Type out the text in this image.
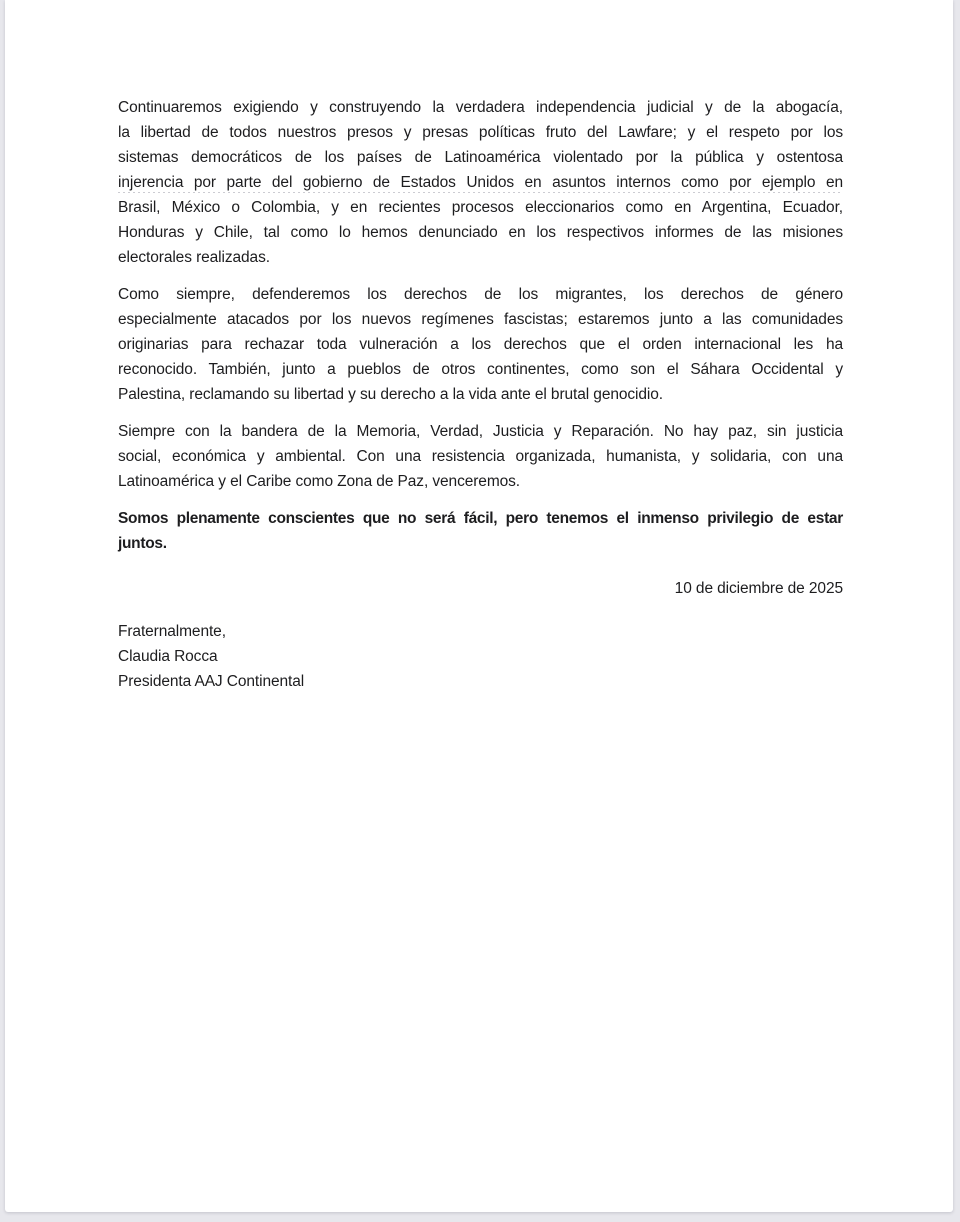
Continuaremos exigiendo y construyendo la verdadera independencia judicial y de la abogacía,
la libertad de todos nuestros presos y presas políticas fruto del Lawfare; y el respeto por los
sistemas democráticos de los países de Latinoamérica violentado por la pública y ostentosa
injerencia por parte del gobierno de Estados Unidos en asuntos internos como por ejemplo en
Brasil, México o Colombia, y en recientes procesos eleccionarios como en Argentina, Ecuador,
Honduras y Chile, tal como lo hemos denunciado en los respectivos informes de las misiones
electorales realizadas.
Como siempre, defenderemos los derechos de los migrantes, los derechos de género
especialmente atacados por los nuevos regímenes fascistas; estaremos junto a las comunidades
originarias para rechazar toda vulneración a los derechos que el orden internacional les ha
reconocido. También, junto a pueblos de otros continentes, como son el Sáhara Occidental y
Palestina, reclamando su libertad y su derecho a la vida ante el brutal genocidio.
Siempre con la bandera de la Memoria, Verdad, Justicia y Reparación. No hay paz, sin justicia
social, económica y ambiental. Con una resistencia organizada, humanista, y solidaria, con una
Latinoamérica y el Caribe como Zona de Paz, venceremos.
Somos plenamente conscientes que no será fácil, pero tenemos el inmenso privilegio de estar
juntos.
10 de diciembre de 2025
Fraternalmente,
Claudia Rocca
Presidenta AAJ Continental
